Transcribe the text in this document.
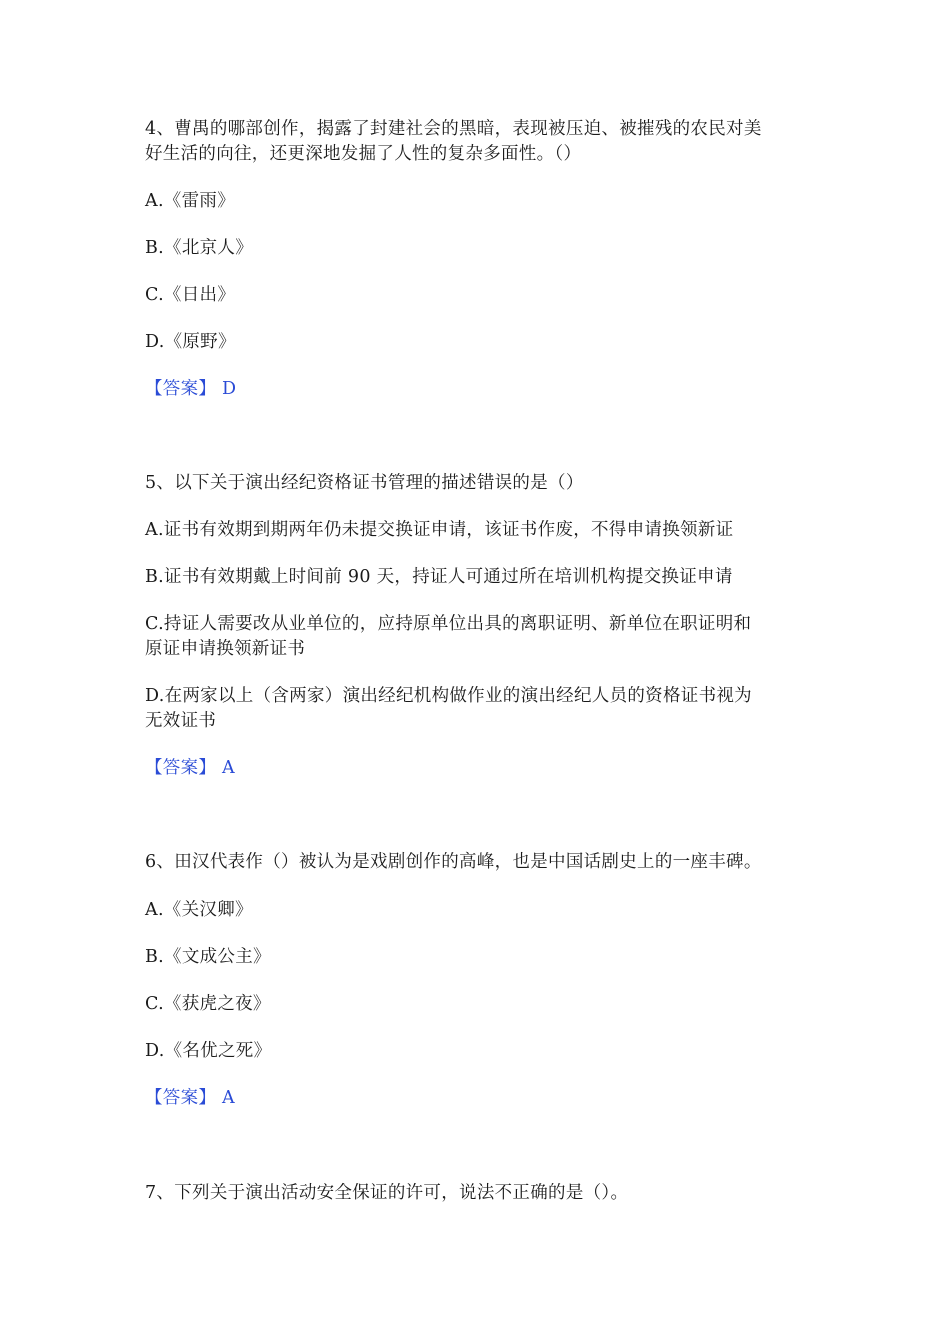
4、曹禺的哪部创作，揭露了封建社会的黑暗，表现被压迫、被摧残的农民对美
好生活的向往，还更深地发掘了人性的复杂多面性。（）
A.《雷雨》
B.《北京人》
C.《日出》
D.《原野》
【答案】 D
5、以下关于演出经纪资格证书管理的描述错误的是（）
A.证书有效期到期两年仍未提交换证申请，该证书作废，不得申请换领新证
B.证书有效期戴上时间前 90 天，持证人可通过所在培训机构提交换证申请
C.持证人需要改从业单位的，应持原单位出具的离职证明、新单位在职证明和
原证申请换领新证书
D.在两家以上（含两家）演出经纪机构做作业的演出经纪人员的资格证书视为
无效证书
【答案】 A
6、田汉代表作（）被认为是戏剧创作的高峰，也是中国话剧史上的一座丰碑。
A.《关汉卿》
B.《文成公主》
C.《获虎之夜》
D.《名优之死》
【答案】 A
7、下列关于演出活动安全保证的许可，说法不正确的是（）。
